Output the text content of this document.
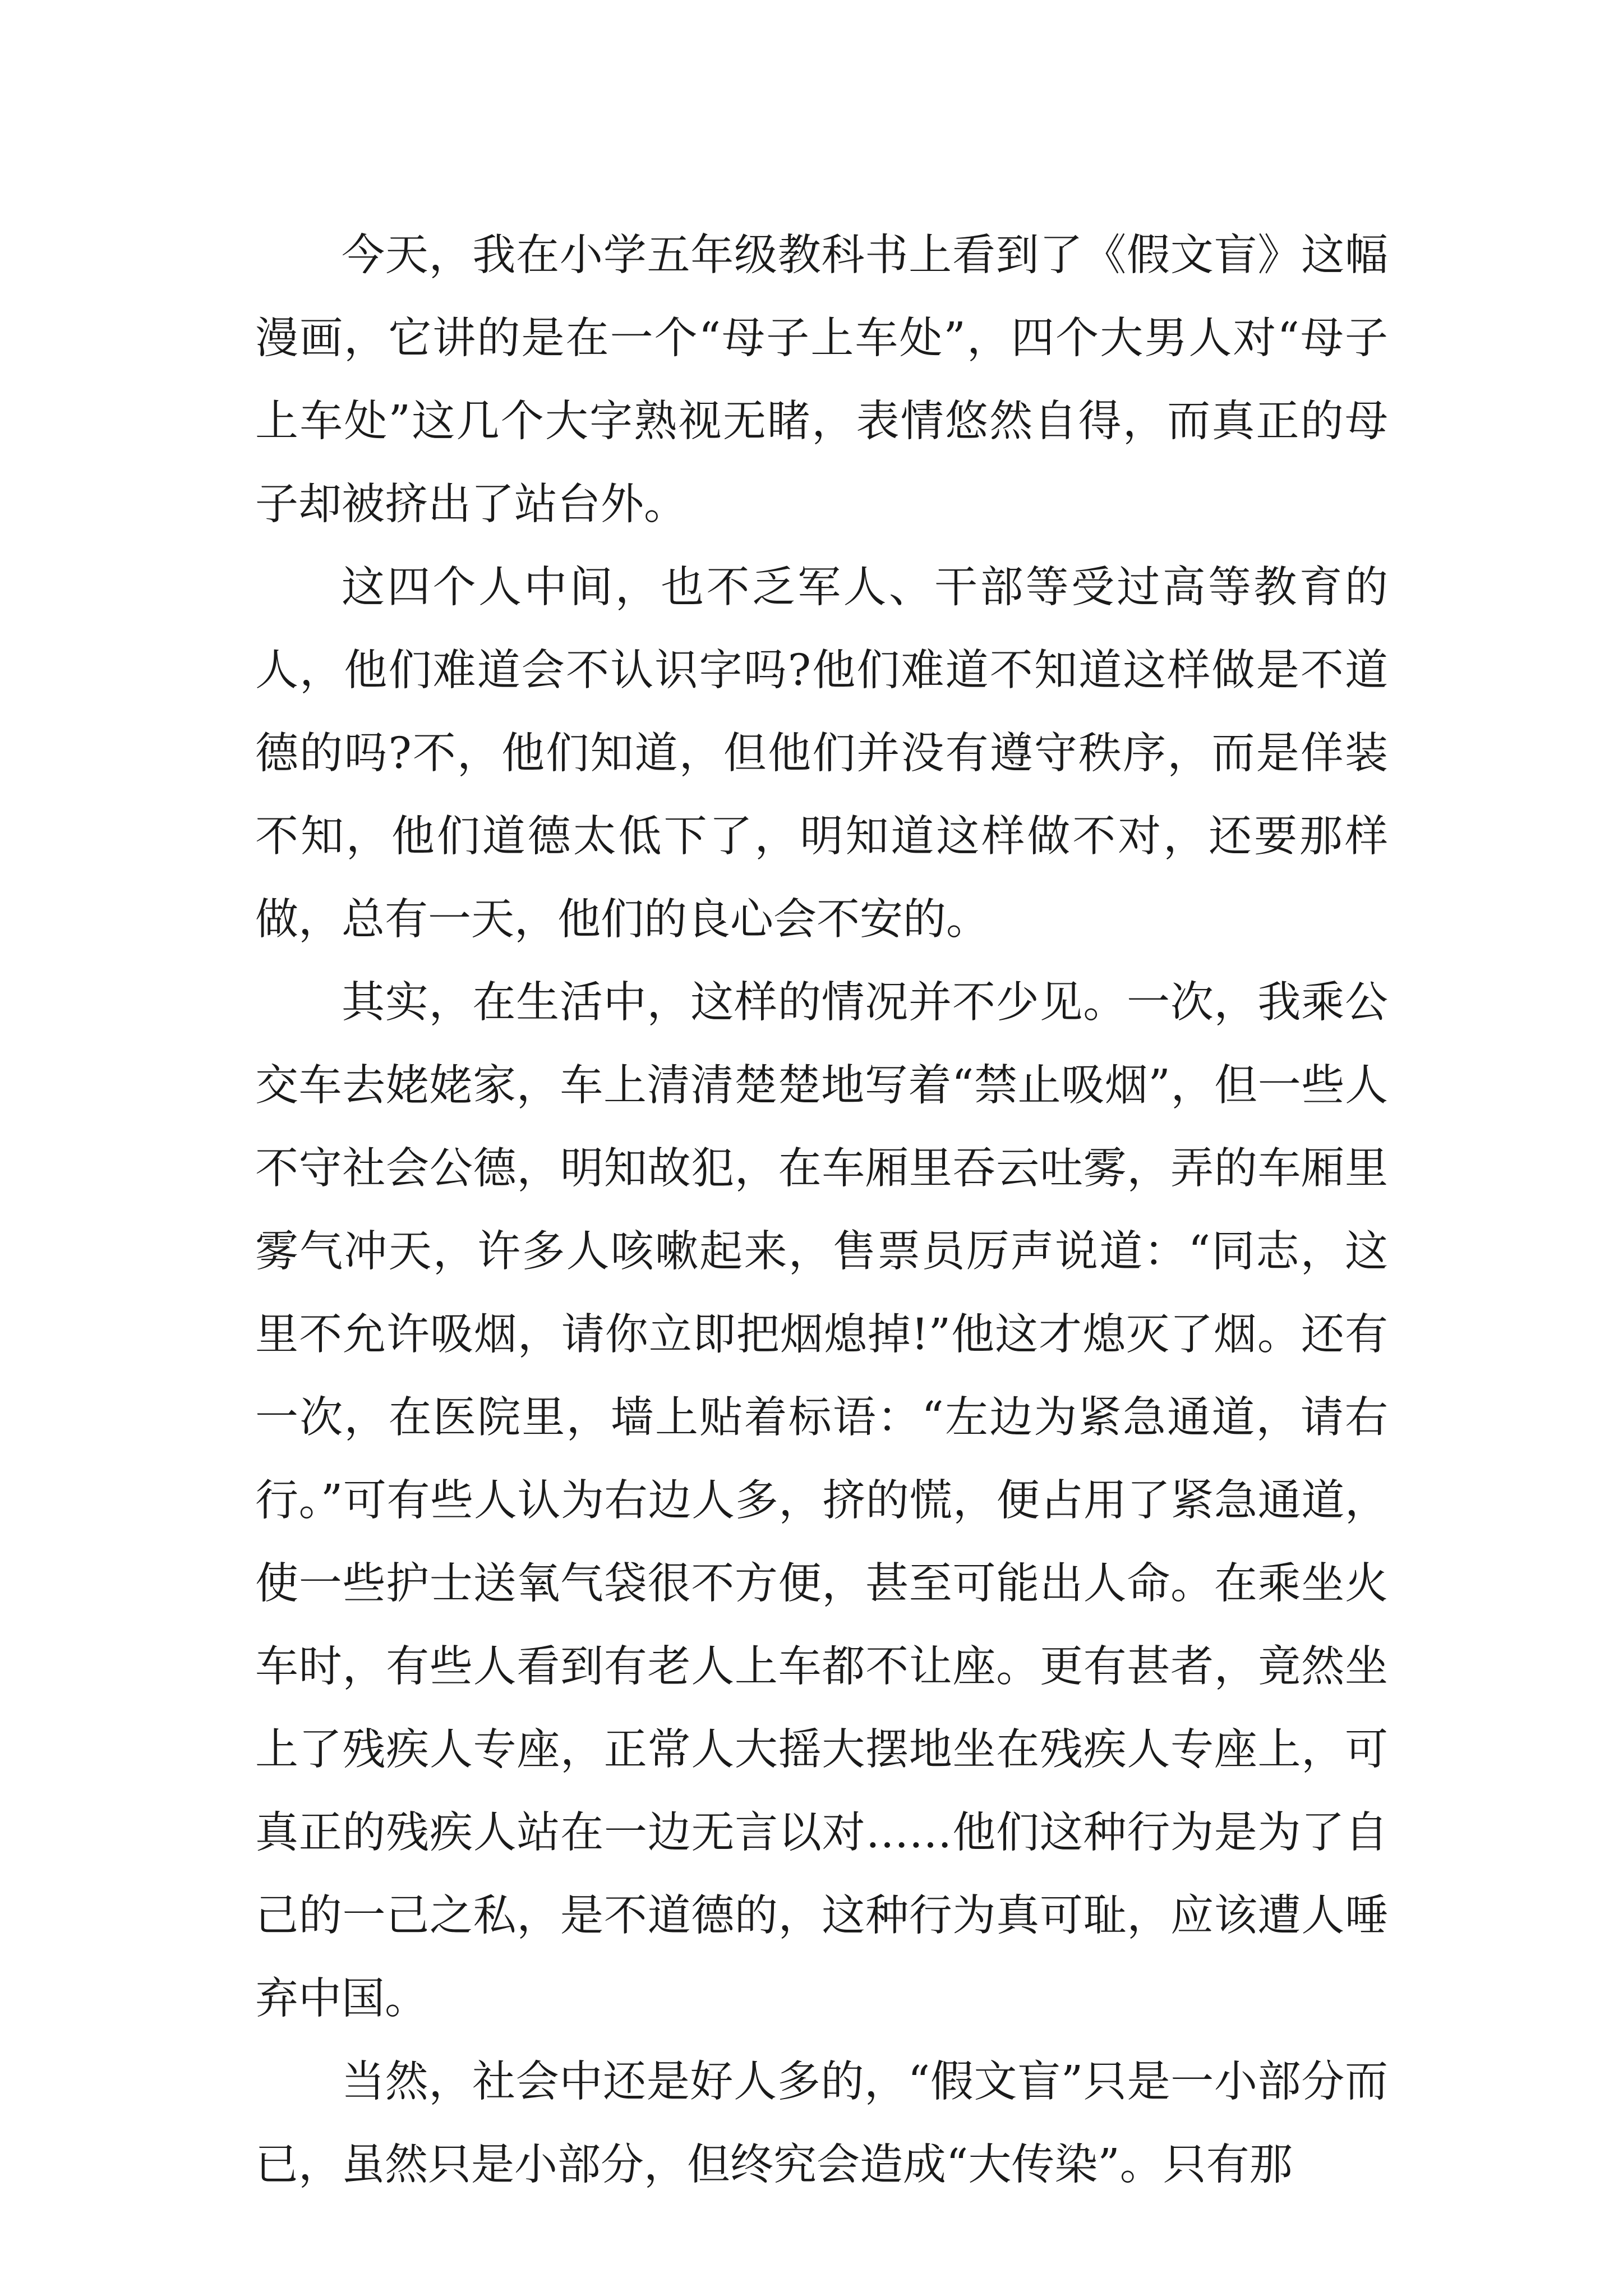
今天，我在小学五年级教科书上看到了《假文盲》这幅漫画，它讲的是在一个“母子上车处”，四个大男人对“母子上车处”这几个大字熟视无睹，表情悠然自得，而真正的母子却被挤出了站台外。

这四个人中间，也不乏军人、干部等受过高等教育的人，他们难道会不认识字吗?他们难道不知道这样做是不道德的吗?不，他们知道，但他们并没有遵守秩序，而是佯装不知，他们道德太低下了，明知道这样做不对，还要那样做，总有一天，他们的良心会不安的。

其实，在生活中，这样的情况并不少见。一次，我乘公交车去姥姥家，车上清清楚楚地写着“禁止吸烟”，但一些人不守社会公德，明知故犯，在车厢里吞云吐雾，弄的车厢里雾气冲天，许多人咳嗽起来，售票员厉声说道：“同志，这里不允许吸烟，请你立即把烟熄掉!”他这才熄灭了烟。还有一次，在医院里，墙上贴着标语：“左边为紧急通道，请右行。”可有些人认为右边人多，挤的慌，便占用了紧急通道，使一些护士送氧气袋很不方便，甚至可能出人命。在乘坐火车时，有些人看到有老人上车都不让座。更有甚者，竟然坐上了残疾人专座，正常人大摇大摆地坐在残疾人专座上，可真正的残疾人站在一边无言以对……他们这种行为是为了自己的一己之私，是不道德的，这种行为真可耻，应该遭人唾弃中国。

当然，社会中还是好人多的，“假文盲”只是一小部分而已，虽然只是小部分，但终究会造成“大传染”。只有那
